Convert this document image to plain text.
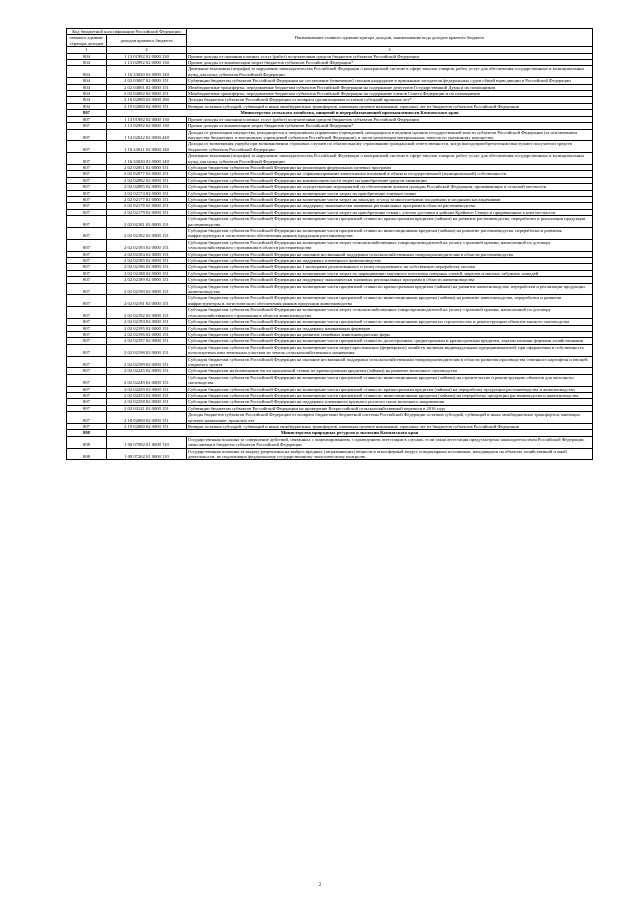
Код бюджетной классификации Российской Федерации		Наименование главного администратора доходов, наименование кода доходов краевого бюджета
главного админи-стратора доходов	доходов краевого бюджета	
1	2	3
804	1 13 01992 02 0000 130	Прочие доходы от оказания платных услуг (работ) получателями средств бюджетов субъектов Российской Федерации
804	1 13 02992 02 0000 130	Прочие доходы от компенсации затрат бюджетов субъектов Российской Федерации*
804	1 16 33020 02 0000 140	Денежные взыскания (штрафы) за нарушение законодательства Российской Федерации о контрактной системе в сфере закупок товаров, работ, услуг для обеспечения государственных и муниципальных нужд для нужд субъектов Российской Федерации
804	2 02 03007 02 0000 151	Субвенции бюджетам субъектов Российской Федерации на составление (изменение) списков кандидатов в присяжные заседатели федеральных судов общей юрисдикции в Российской Федерации
804	2 02 04001 02 0000 151	Межбюджетные трансферты, передаваемые бюджетам субъектов Российской Федерации на содержание депутатов Государственной Думы и их помощников
804	2 02 04002 02 0000 151	Межбюджетные трансферты, передаваемые бюджетам субъектов Российской Федерации на содержание членов Совета Федерации и их помощников
804	2 18 02000 02 0000 180	Доходы бюджетов субъектов Российской Федерации от возврата организациями остатков субсидий прошлых лет*
804	2 19 02000 02 0000 151	Возврат остатков субсидий, субвенций и иных межбюджетных трансфертов, имеющих целевое назначение, прошлых лет из бюджетов субъектов Российской Федерации
807	Министерство сельского хозяйства, пищевой и перерабатывающей промышленности Камчатского края	
807	1 13 01992 02 0000 130	Прочие доходы от оказания платных услуг (работ) получателями средств бюджетов субъектов Российской Федерации
807	1 13 02992 02 0000 130	Прочие доходы от компенсации затрат бюджетов субъектов Российской Федерации*
807	1 14 02022 02 0000 440	Доходы от реализации имущества, находящегося в оперативном управлении учреждений, находящихся в ведении органов государственной власти субъектов Российской Федерации (за исключением имущества бюджетных и автономных учреждений субъектов Российской Федерации), в части реализации материальных запасов по указанному имуществу
807	1 16 23021 02 0000 140	Доходы от возмещения ущерба при возникновении страховых случаев по обязательному страхованию гражданской ответственности, когда выгодоприобретателями выступают получатели средств бюджетов субъектов Российской Федерации
807	1 16 33020 02 0000 140	Денежные взыскания (штрафы) за нарушение законодательства Российской Федерации о контрактной системе в сфере закупок товаров, работ, услуг для обеспечения государственных и муниципальных нужд для нужд субъектов Российской Федерации
807	2 02 02051 02 0000 151	Субсидии бюджетам субъектов Российской Федерации на реализацию федеральных целевых программ
807	2 02 02077 02 0000 151	Субсидии бюджетам субъектов Российской Федерации на софинансирование капитальных вложений в объекты государственной (муниципальной) собственности
807	2 02 02082 02 0000 151	Субсидии бюджетам субъектов Российской Федерации на компенсацию части затрат на приобретение средств химизации
807	2 02 02085 02 0000 151	Субсидии бюджетам субъектов Российской Федерации на осуществление мероприятий по обеспечению жильем граждан Российской Федерации, проживающих в сельской местности
807	2 02 02174 02 0000 151	Субсидии бюджетам субъектов Российской Федерации на возмещение части затрат на приобретение элитных семян
807	2 02 02177 02 0000 151	Субсидии бюджетам субъектов Российской Федерации на возмещение части затрат на закладку и уход за многолетними плодовыми и ягодными насаждениями
807	2 02 02178 02 0000 151	Субсидии бюджетам субъектов Российской Федерации на поддержку экономически значимых региональных программ в области растениеводства
807	2 02 02179 02 0000 151	Субсидии бюджетам субъектов Российской Федерации на возмещение части затрат на приобретение семян с учетом доставки в районы Крайнего Севера и приравненные к ним местности
807	2 02 02181 02 0000 151	Субсидии бюджетам субъектов Российской Федерации на возмещение части процентной ставки по краткосрочным кредитам (займам) на развитие растениеводства, переработки и реализации продукции растениеводства
807	2 02 02182 02 0000 151	Субсидии бюджетам субъектов Российской Федерации на возмещение части процентной ставки по инвестиционным кредитам (займам) на развитие растениеводства, переработки и развития инфраструктуры и логистического обеспечения рынков продукции растениеводства
807	2 02 02183 02 0000 151	Субсидии бюджетам субъектов Российской Федерации на возмещение части затрат сельскохозяйственных товаропроизводителей на уплату страховой премии, начисленной по договору сельскохозяйственного страхования в области растениеводства
807	2 02 02184 02 0000 151	Субсидии бюджетам субъектов Российской Федерации на оказание несвязанной поддержки сельскохозяйственным товаропроизводителям в области растениеводства
807	2 02 02185 02 0000 151	Субсидии бюджетам субъектов Российской Федерации на поддержку племенного животноводства
807	2 02 02186 02 0000 151	Субсидии бюджетам субъектов Российской Федерации на 1 килограмм реализованного и (или) отгруженного на собственную переработку молока
807	2 02 02188 02 0000 151	Субсидии бюджетам субъектов Российской Федерации на возмещение части затрат по наращиванию маточного поголовья северных оленей, маралов и мясных табунных лошадей
807	2 02 02189 02 0000 151	Субсидии бюджетам субъектов Российской Федерации на поддержку экономически значимых региональных программ в области животноводства
807	2 02 02190 02 0000 151	Субсидии бюджетам субъектов Российской Федерации на возмещение части процентной ставки по краткосрочным кредитам (займам) на развитие животноводства, переработки и реализации продукции животноводства
807	2 02 02191 02 0000 151	Субсидии бюджетам субъектов Российской Федерации на возмещение части процентной ставки по инвестиционным кредитам (займам) на развитие животноводства, переработки и развития инфраструктуры и логистического обеспечения рынков продукции животноводства
807	2 02 02192 02 0000 151	Субсидии бюджетам субъектов Российской Федерации на возмещение части затрат сельскохозяйственных товаропроизводителей на уплату страховой премии, начисленной по договору сельскохозяйственного страхования в области животноводства
807	2 02 02193 02 0000 151	Субсидии бюджетам субъектов Российской Федерации на возмещение части процентной ставки по инвестиционным кредитам на строительство и реконструкцию объектов мясного скотоводства
807	2 02 02195 02 0000 151	Субсидии бюджетам субъектов Российской Федерации на поддержку начинающих фермеров
807	2 02 02196 02 0000 151	Субсидии бюджетам субъектов Российской Федерации на развитие семейных животноводческих ферм
807	2 02 02197 02 0000 151	Субсидии бюджетам субъектов Российской Федерации на возмещение части процентной ставки по долгосрочным, среднесрочным и краткосрочным кредитам, взятым малыми формами хозяйствования
807	2 02 02198 02 0000 151	Субсидии бюджетам субъектов Российской Федерации на возмещение части затрат крестьянских (фермерских) хозяйств, включая индивидуальных предпринимателей, при оформлении в собственность используемых ими земельных участков из земель сельскохозяйственного назначения
807	2 02 02199 02 0000 151	Субсидии бюджетам субъектов Российской Федерации на оказание несвязанной поддержки сельскохозяйственным товаропроизводителям в области развития производства семенного картофеля и овощей открытого грунта
807	2 02 02245 02 0000 151	Субсидии бюджетам на возмещение части процентной ставки по краткосрочным кредитам (займам) на развитие молочного скотоводства
807	2 02 02249 02 0000 151	Субсидии бюджетам субъектов Российской Федерации на возмещение части процентной ставки по инвестиционным кредитам (займам) на строительство и реконструкцию объектов для молочного скотоводства
807	2 02 02250 02 0000 151	Субсидии бюджетам субъектов Российской Федерации на возмещение части процентной ставки по краткосрочным кредитам (займам) на переработку продукции растениеводства и животноводства
807	2 02 02253 02 0000 151	Субсидии бюджетам субъектов Российской Федерации на возмещение части процентной ставки по инвестиционным кредитам (займам) на переработку продукции растениеводства и животноводства
807	2 02 02258 02 0000 151	Субсидии бюджетам субъектов Российской Федерации на поддержку племенного крупного рогатого скота молочного направления
807	2 02 03121 02 0000 151	Субвенции бюджетам субъектов Российской Федерации на проведение Всероссийской сельскохозяйственной переписи в 2016 году
807	2 18 02000 02 0000 151	Доходы бюджетов субъектов Российской Федерации от возврата бюджетами бюджетной системы Российской Федерации остатков субсидий, субвенций и иных межбюджетных трансфертов, имеющих целевое назначение, прошлых лет
807	2 19 02000 02 0000 151	Возврат остатков субсидий, субвенций и иных межбюджетных трансфертов, имеющих целевое назначение, прошлых лет из бюджетов субъектов Российской Федерации
808	Министерство природных ресурсов и экологии Камчатского края	
808	1 08 07082 01 0000 110	Государственная пошлина за совершение действий, связанных с лицензированием, с проведением аттестации в случаях, если такая аттестация предусмотрена законодательством Российской Федерации, зачисляемая в бюджеты субъектов Российской Федерации
808	1 08 07262 01 0000 110	Государственная пошлина за выдачу разрешения на выброс вредных (загрязняющих) веществ в атмосферный воздух стационарных источников, находящихся на объектах хозяйственной и иной деятельности, не подлежащих федеральному государственному экологическому контролю
2
